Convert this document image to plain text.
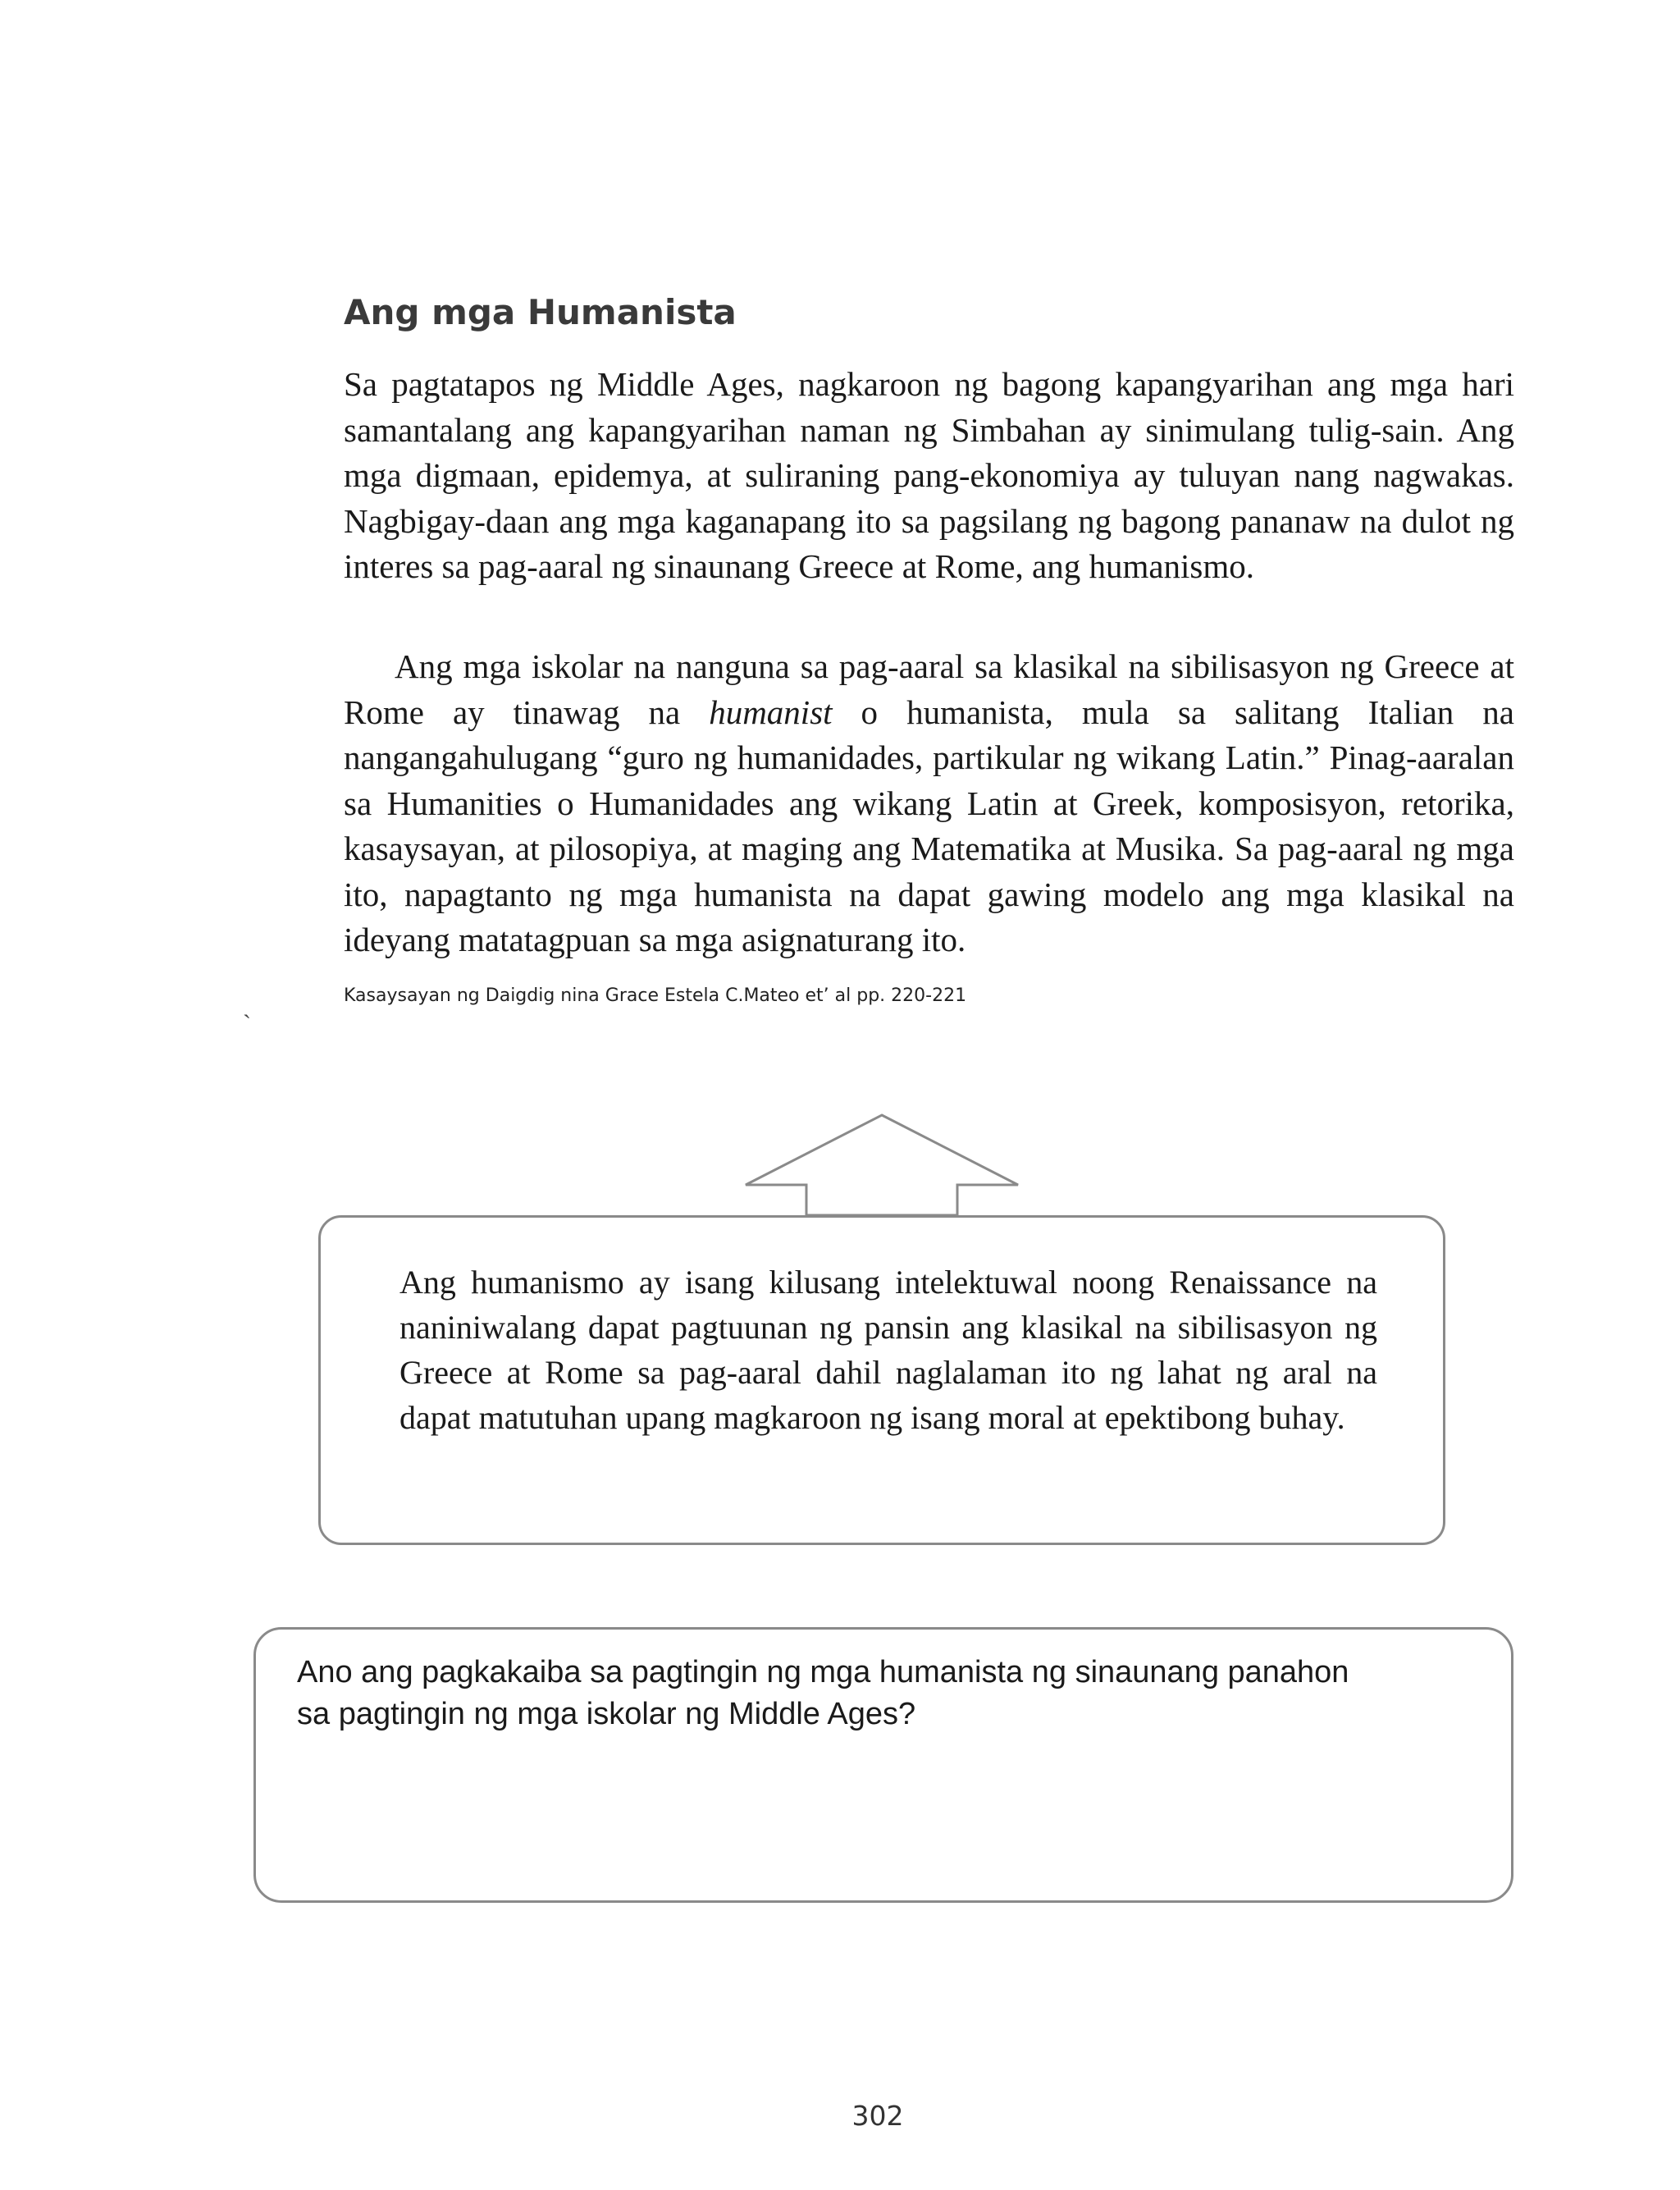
Ang mga Humanista

Sa pagtatapos ng Middle Ages, nagkaroon ng bagong kapangyarihan ang mga hari samantalang ang kapangyarihan naman ng Simbahan ay sinimulang tulig-sain. Ang mga digmaan, epidemya, at suliraning pang-ekonomiya ay tuluyan nang nagwakas. Nagbigay-daan ang mga kaganapang ito sa pagsilang ng bagong pananaw na dulot ng interes sa pag-aaral ng sinaunang Greece at Rome, ang humanismo.

Ang mga iskolar na nanguna sa pag-aaral sa klasikal na sibilisasyon ng Greece at Rome ay tinawag na humanist o humanista, mula sa salitang Italian na nangangahulugang “guro ng humanidades, partikular ng wikang Latin.” Pinag-aaralan sa Humanities o Humanidades ang wikang Latin at Greek, komposisyon, retorika, kasaysayan, at pilosopiya, at maging ang Matematika at Musika. Sa pag-aaral ng mga ito, napagtanto ng mga humanista na dapat gawing modelo ang mga klasikal na ideyang matatagpuan sa mga asignaturang ito.

Kasaysayan ng Daigdig nina Grace Estela C.Mateo et’ al pp. 220-221

`

Ang humanismo ay isang kilusang intelektuwal noong Renaissance na naniniwalang dapat pagtuunan ng pansin ang klasikal na sibilisasyon ng Greece at Rome sa pag-aaral dahil naglalaman ito ng lahat ng aral na dapat matutuhan upang magkaroon ng isang moral at epektibong buhay.

Ano ang pagkakaiba sa pagtingin ng mga humanista ng sinaunang panahon sa pagtingin ng mga iskolar ng Middle Ages?

302
